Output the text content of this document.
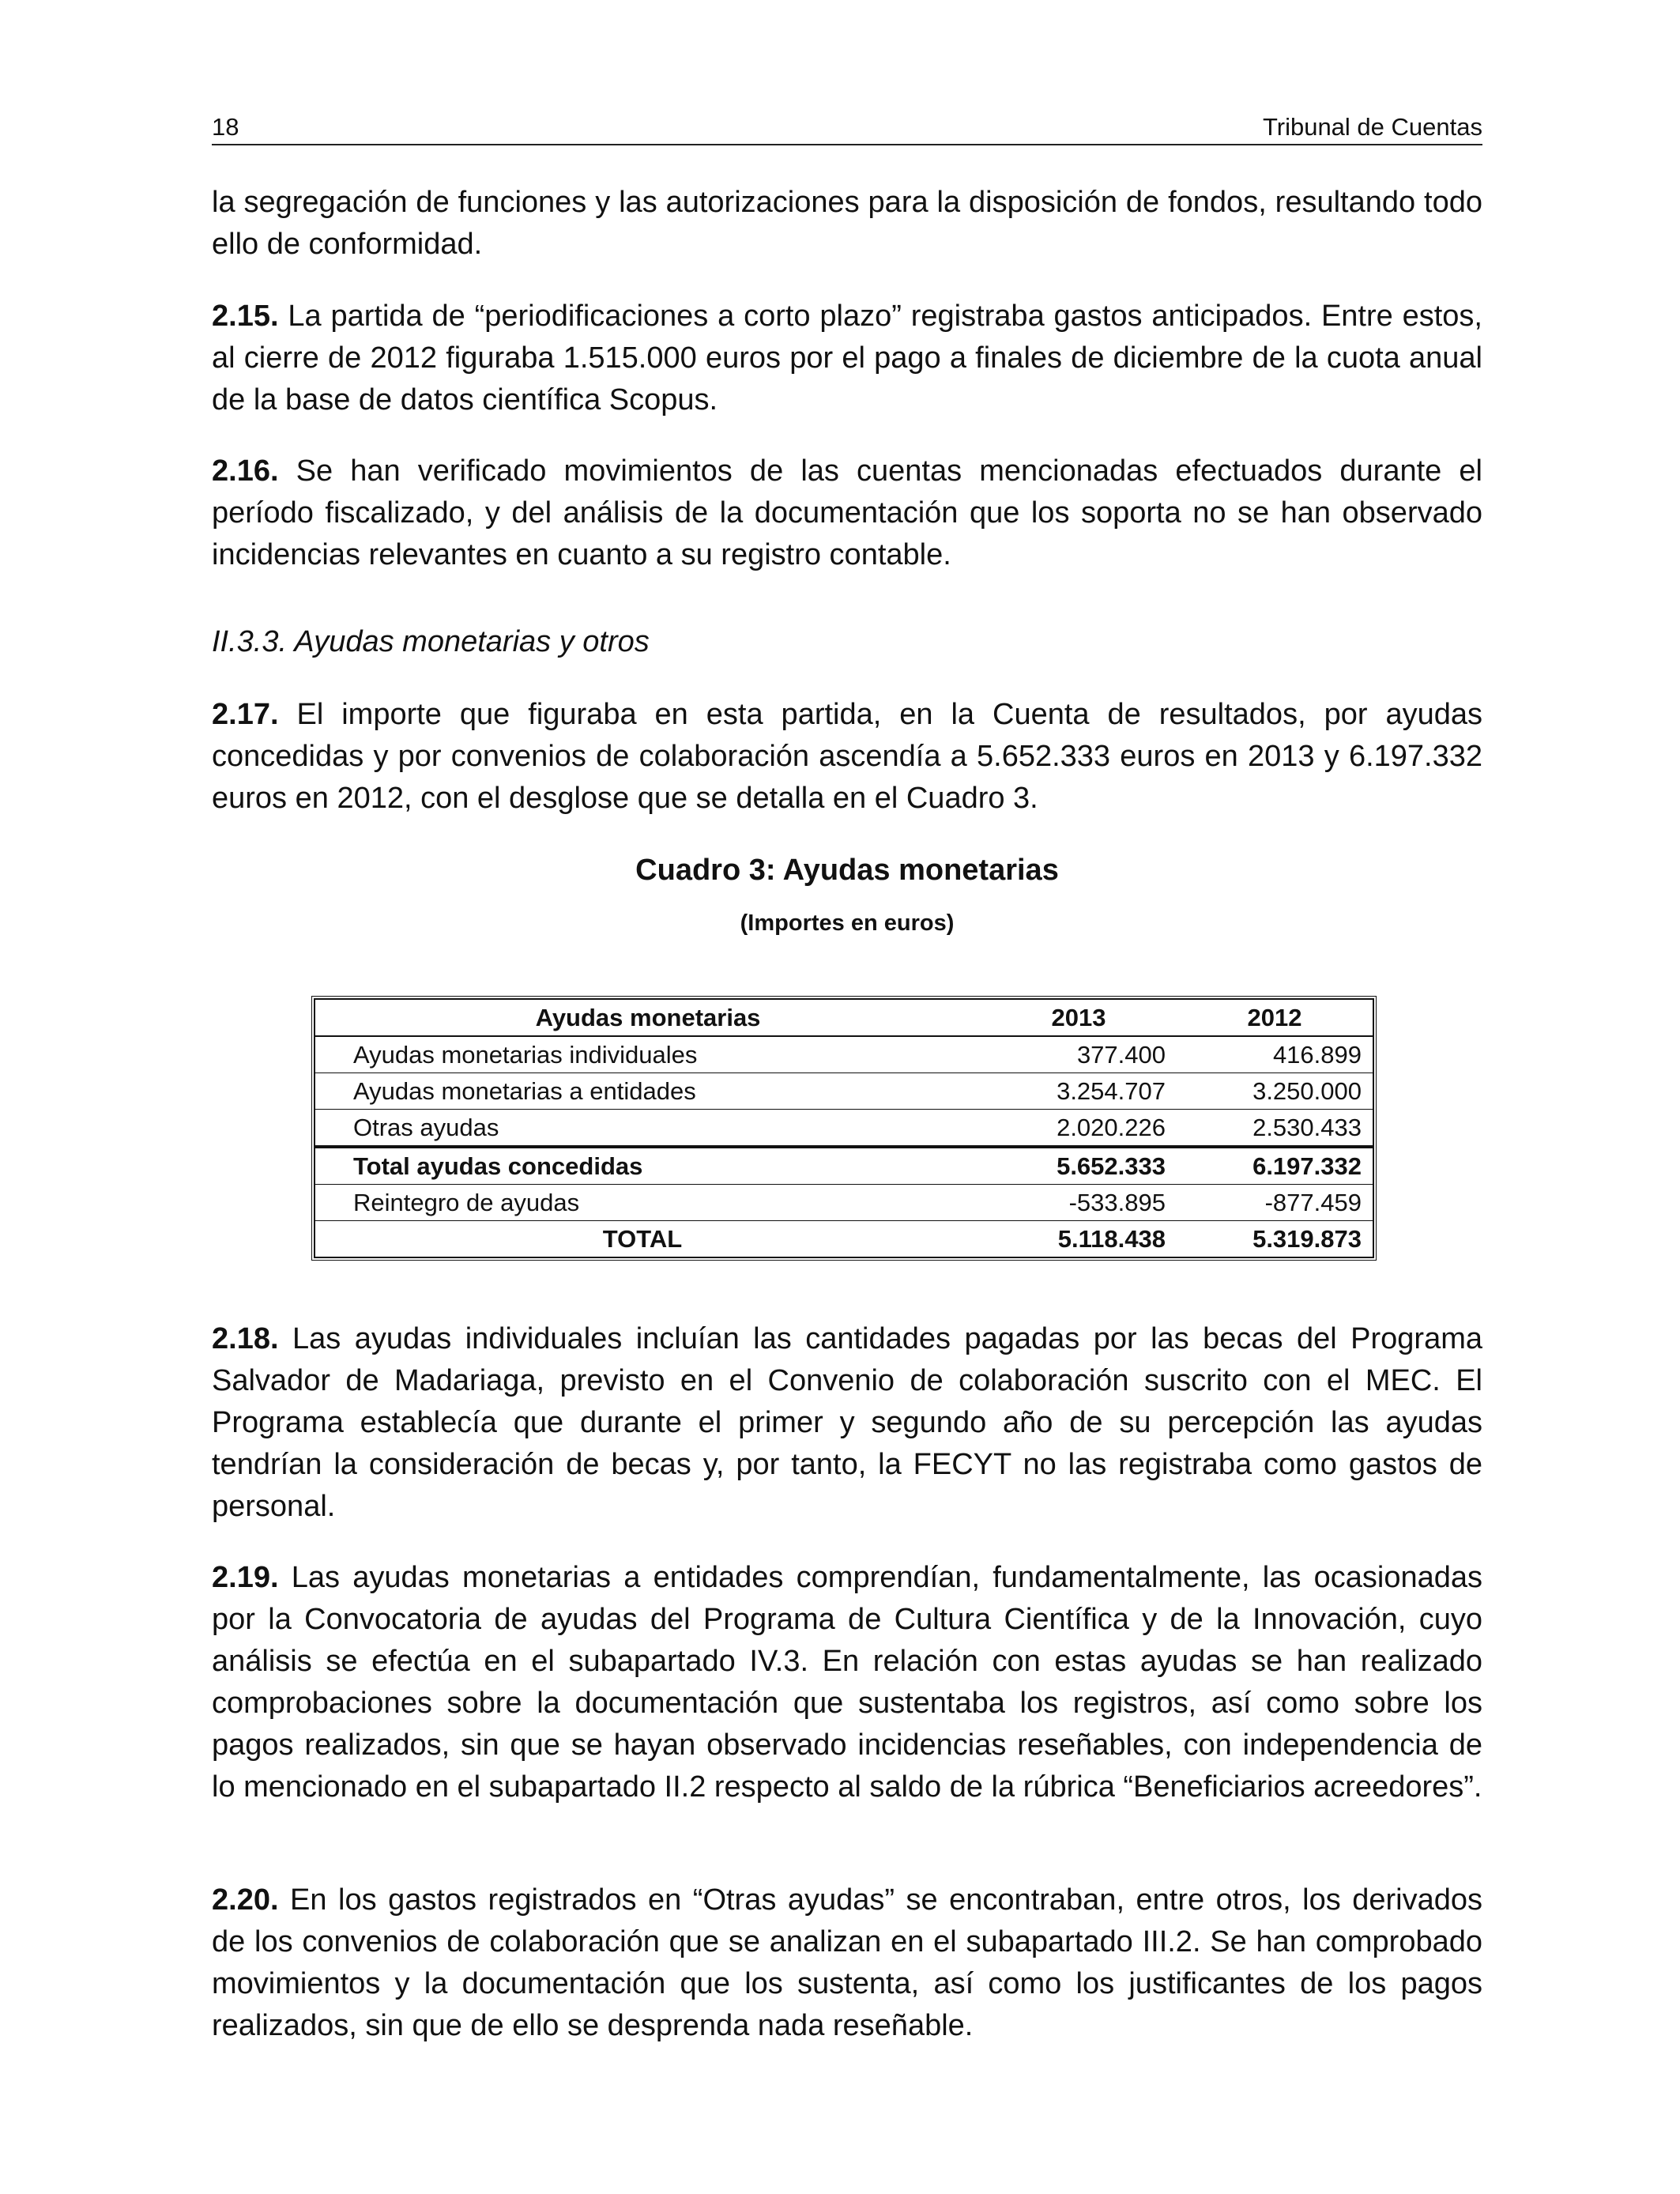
18	Tribunal de Cuentas

la segregación de funciones y las autorizaciones para la disposición de fondos, resultando todo ello de conformidad.

2.15. La partida de “periodificaciones a corto plazo” registraba gastos anticipados. Entre estos, al cierre de 2012 figuraba 1.515.000 euros por el pago a finales de diciembre de la cuota anual de la base de datos científica Scopus.

2.16. Se han verificado movimientos de las cuentas mencionadas efectuados durante el período fiscalizado, y del análisis de la documentación que los soporta no se han observado incidencias relevantes en cuanto a su registro contable.

II.3.3. Ayudas monetarias y otros

2.17. El importe que figuraba en esta partida, en la Cuenta de resultados, por ayudas concedidas y por convenios de colaboración ascendía a 5.652.333 euros en 2013 y 6.197.332 euros en 2012, con el desglose que se detalla en el Cuadro 3.

Cuadro 3: Ayudas monetarias
(Importes en euros)
Ayudas monetarias	2013	2012
Ayudas monetarias individuales	377.400	416.899
Ayudas monetarias a entidades	3.254.707	3.250.000
Otras ayudas	2.020.226	2.530.433
Total ayudas concedidas	5.652.333	6.197.332
Reintegro de ayudas	-533.895	-877.459
TOTAL	5.118.438	5.319.873

2.18. Las ayudas individuales incluían las cantidades pagadas por las becas del Programa Salvador de Madariaga, previsto en el Convenio de colaboración suscrito con el MEC. El Programa establecía que durante el primer y segundo año de su percepción las ayudas tendrían la consideración de becas y, por tanto, la FECYT no las registraba como gastos de personal.

2.19. Las ayudas monetarias a entidades comprendían, fundamentalmente, las ocasionadas por la Convocatoria de ayudas del Programa de Cultura Científica y de la Innovación, cuyo análisis se efectúa en el subapartado IV.3. En relación con estas ayudas se han realizado comprobaciones sobre la documentación que sustentaba los registros, así como sobre los pagos realizados, sin que se hayan observado incidencias reseñables, con independencia de lo mencionado en el subapartado II.2 respecto al saldo de la rúbrica “Beneficiarios acreedores”.

2.20. En los gastos registrados en “Otras ayudas” se encontraban, entre otros, los derivados de los convenios de colaboración que se analizan en el subapartado III.2. Se han comprobado movimientos y la documentación que los sustenta, así como los justificantes de los pagos realizados, sin que de ello se desprenda nada reseñable.
